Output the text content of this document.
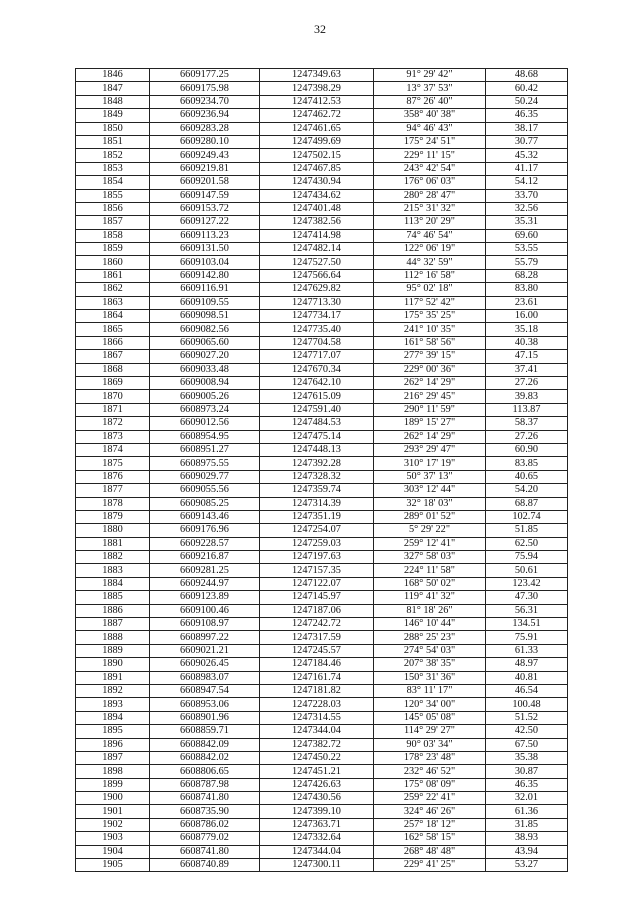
32
1846	6609177.25	1247349.63	91° 29' 42"	48.68
1847	6609175.98	1247398.29	13° 37' 53"	60.42
1848	6609234.70	1247412.53	87° 26' 40"	50.24
1849	6609236.94	1247462.72	358° 40' 38"	46.35
1850	6609283.28	1247461.65	94° 46' 43"	38.17
1851	6609280.10	1247499.69	175° 24' 51"	30.77
1852	6609249.43	1247502.15	229° 11' 15"	45.32
1853	6609219.81	1247467.85	243° 42' 54"	41.17
1854	6609201.58	1247430.94	176° 06' 03"	54.12
1855	6609147.59	1247434.62	280° 28' 47"	33.70
1856	6609153.72	1247401.48	215° 31' 32"	32.56
1857	6609127.22	1247382.56	113° 20' 29"	35.31
1858	6609113.23	1247414.98	74° 46' 54"	69.60
1859	6609131.50	1247482.14	122° 06' 19"	53.55
1860	6609103.04	1247527.50	44° 32' 59"	55.79
1861	6609142.80	1247566.64	112° 16' 58"	68.28
1862	6609116.91	1247629.82	95° 02' 18"	83.80
1863	6609109.55	1247713.30	117° 52' 42"	23.61
1864	6609098.51	1247734.17	175° 35' 25"	16.00
1865	6609082.56	1247735.40	241° 10' 35"	35.18
1866	6609065.60	1247704.58	161° 58' 56"	40.38
1867	6609027.20	1247717.07	277° 39' 15"	47.15
1868	6609033.48	1247670.34	229° 00' 36"	37.41
1869	6609008.94	1247642.10	262° 14' 29"	27.26
1870	6609005.26	1247615.09	216° 29' 45"	39.83
1871	6608973.24	1247591.40	290° 11' 59"	113.87
1872	6609012.56	1247484.53	189° 15' 27"	58.37
1873	6608954.95	1247475.14	262° 14' 29"	27.26
1874	6608951.27	1247448.13	293° 29' 47"	60.90
1875	6608975.55	1247392.28	310° 17' 19"	83.85
1876	6609029.77	1247328.32	50° 37' 13"	40.65
1877	6609055.56	1247359.74	303° 12' 44"	54.20
1878	6609085.25	1247314.39	32° 18' 03"	68.87
1879	6609143.46	1247351.19	289° 01' 52"	102.74
1880	6609176.96	1247254.07	5° 29' 22"	51.85
1881	6609228.57	1247259.03	259° 12' 41"	62.50
1882	6609216.87	1247197.63	327° 58' 03"	75.94
1883	6609281.25	1247157.35	224° 11' 58"	50.61
1884	6609244.97	1247122.07	168° 50' 02"	123.42
1885	6609123.89	1247145.97	119° 41' 32"	47.30
1886	6609100.46	1247187.06	81° 18' 26"	56.31
1887	6609108.97	1247242.72	146° 10' 44"	134.51
1888	6608997.22	1247317.59	288° 25' 23"	75.91
1889	6609021.21	1247245.57	274° 54' 03"	61.33
1890	6609026.45	1247184.46	207° 38' 35"	48.97
1891	6608983.07	1247161.74	150° 31' 36"	40.81
1892	6608947.54	1247181.82	83° 11' 17"	46.54
1893	6608953.06	1247228.03	120° 34' 00"	100.48
1894	6608901.96	1247314.55	145° 05' 08"	51.52
1895	6608859.71	1247344.04	114° 29' 27"	42.50
1896	6608842.09	1247382.72	90° 03' 34"	67.50
1897	6608842.02	1247450.22	178° 23' 48"	35.38
1898	6608806.65	1247451.21	232° 46' 52"	30.87
1899	6608787.98	1247426.63	175° 08' 09"	46.35
1900	6608741.80	1247430.56	259° 22' 41"	32.01
1901	6608735.90	1247399.10	324° 46' 26"	61.36
1902	6608786.02	1247363.71	257° 18' 12"	31.85
1903	6608779.02	1247332.64	162° 58' 15"	38.93
1904	6608741.80	1247344.04	268° 48' 48"	43.94
1905	6608740.89	1247300.11	229° 41' 25"	53.27
